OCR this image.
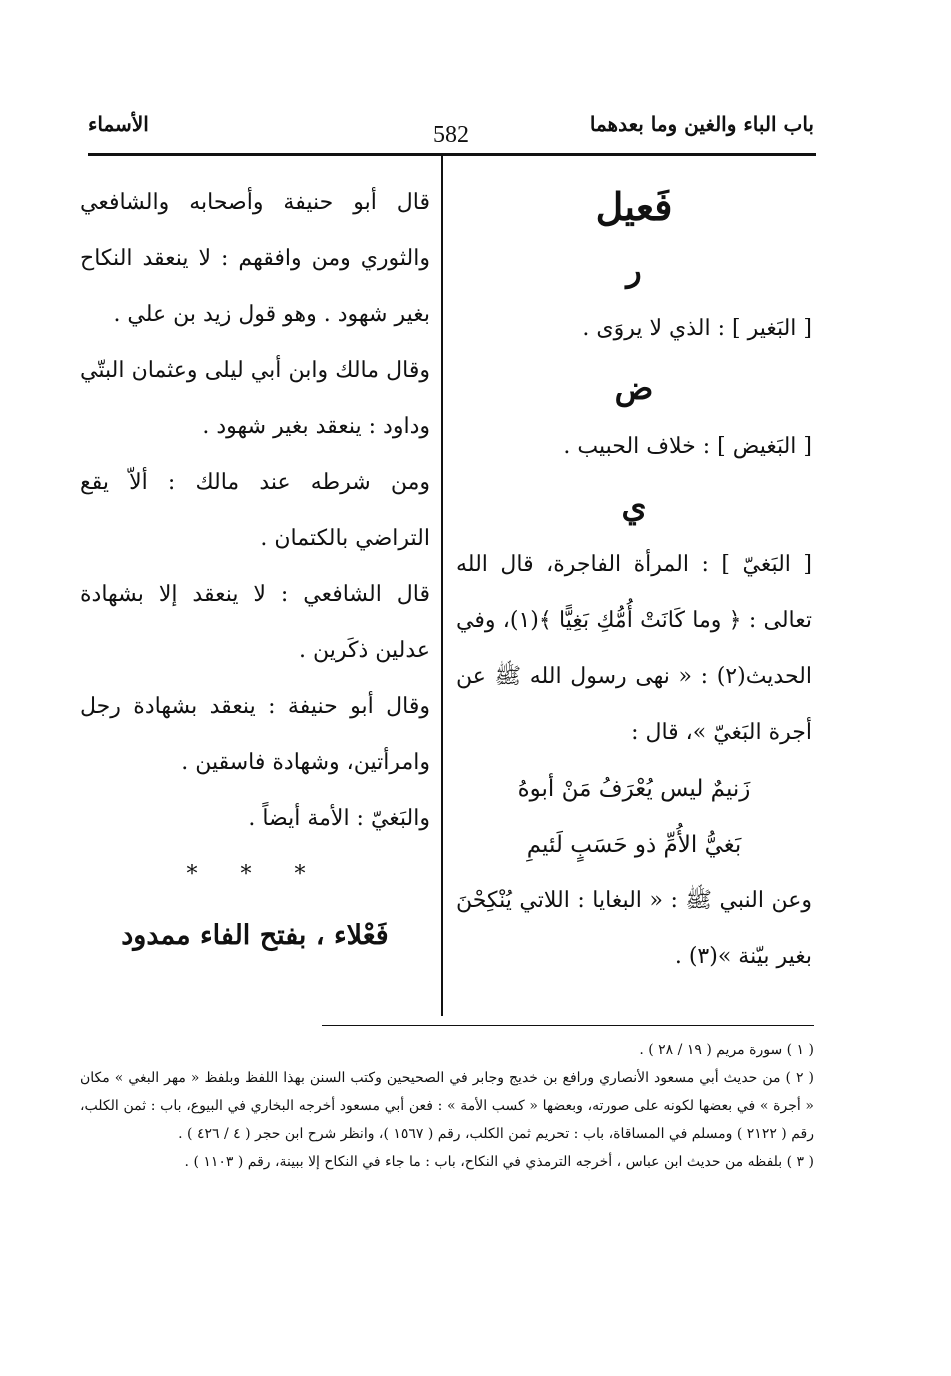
باب الباء والغين وما بعدهما
582
الأسماء

فَعيل

ر

[ البَغير ] : الذي لا يروَى .

ض

[ البَغيض ] : خلاف الحبيب .

ي

[ البَغيّ ] : المرأة الفاجرة، قال الله تعالى : ﴿ وما كَانَتْ أُمُّكِ بَغِيًّا ﴾(١)، وفي الحديث(٢) : « نهى رسول الله ﷺ عن أجرة البَغيّ »، قال :

زَنيمٌ ليس يُعْرَفُ مَنْ أبوهُ

بَغيُّ الأُمِّ ذو حَسَبٍ لَئيمِ

وعن النبي ﷺ : « البغايا : اللاتي يُنْكِحْنَ بغير بيّنة »(٣) .

قال أبو حنيفة وأصحابه والشافعي والثوري ومن وافقهم : لا ينعقد النكاح بغير شهود . وهو قول زيد بن علي .

وقال مالك وابن أبي ليلى وعثمان البتّي وداود : ينعقد بغير شهود .

ومن شرطه عند مالك : ألاّ يقع التراضي بالكتمان .

قال الشافعي : لا ينعقد إلا بشهادة عدلين ذكَرين .

وقال أبو حنيفة : ينعقد بشهادة رجل وامرأتين، وشهادة فاسقين .

والبَغيّ : الأمة أيضاً .

* * *

فَعْلاء ، بفتح الفاء ممدود

( ١ ) سورة مريم ( ١٩ / ٢٨ ) .

( ٢ ) من حديث أبي مسعود الأنصاري ورافع بن خديج وجابر في الصحيحين وكتب السنن بهذا اللفظ وبلفظ « مهر البغي » مكان « أجرة » في بعضها لكونه على صورته، وبعضها « كسب الأمة » : فعن أبي مسعود أخرجه البخاري في البيوع، باب : ثمن الكلب، رقم ( ٢١٢٢ ) ومسلم في المساقاة، باب : تحريم ثمن الكلب، رقم ( ١٥٦٧ )، وانظر شرح ابن حجر ( ٤ / ٤٢٦ ) .

( ٣ ) بلفظه من حديث ابن عباس ، أخرجه الترمذي في النكاح، باب : ما جاء في النكاح إلا ببينة، رقم ( ١١٠٣ ) .
